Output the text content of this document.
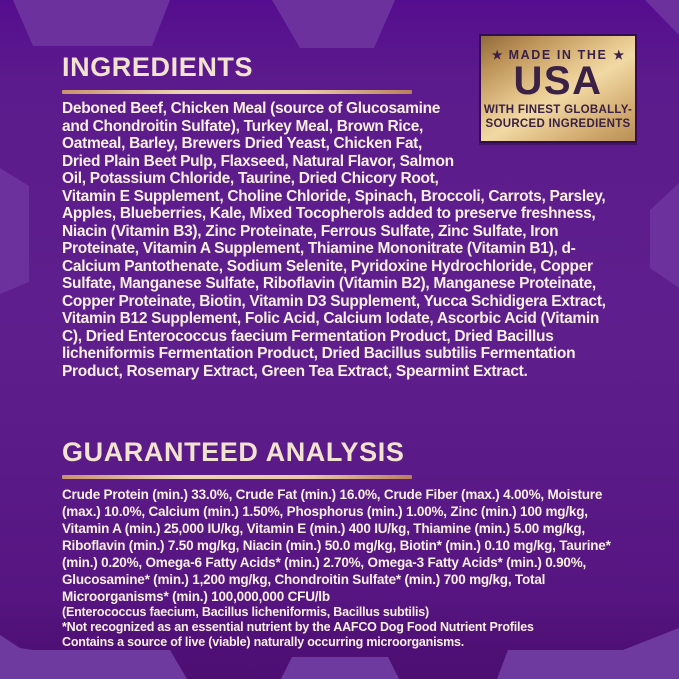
★ MADE IN THE ★
USA
WITH FINEST GLOBALLY-
SOURCED INGREDIENTS
INGREDIENTS

Deboned Beef, Chicken Meal (source of Glucosamine and Chondroitin Sulfate), Turkey Meal, Brown Rice, Oatmeal, Barley, Brewers Dried Yeast, Chicken Fat, Dried Plain Beet Pulp, Flaxseed, Natural Flavor, Salmon Oil, Potassium Chloride, Taurine, Dried Chicory Root, Vitamin E Supplement, Choline Chloride, Spinach, Broccoli, Carrots, Parsley, Apples, Blueberries, Kale, Mixed Tocopherols added to preserve freshness, Niacin (Vitamin B3), Zinc Proteinate, Ferrous Sulfate, Zinc Sulfate, Iron Proteinate, Vitamin A Supplement, Thiamine Mononitrate (Vitamin B1), d-Calcium Pantothenate, Sodium Selenite, Pyridoxine Hydrochloride, Copper Sulfate, Manganese Sulfate, Riboflavin (Vitamin B2), Manganese Proteinate, Copper Proteinate, Biotin, Vitamin D3 Supplement, Yucca Schidigera Extract, Vitamin B12 Supplement, Folic Acid, Calcium Iodate, Ascorbic Acid (Vitamin C), Dried Enterococcus faecium Fermentation Product, Dried Bacillus licheniformis Fermentation Product, Dried Bacillus subtilis Fermentation Product, Rosemary Extract, Green Tea Extract, Spearmint Extract.

GUARANTEED ANALYSIS

Crude Protein (min.) 33.0%, Crude Fat (min.) 16.0%, Crude Fiber (max.) 4.00%, Moisture (max.) 10.0%, Calcium (min.) 1.50%, Phosphorus (min.) 1.00%, Zinc (min.) 100 mg/kg, Vitamin A (min.) 25,000 IU/kg, Vitamin E (min.) 400 IU/kg, Thiamine (min.) 5.00 mg/kg, Riboflavin (min.) 7.50 mg/kg, Niacin (min.) 50.0 mg/kg, Biotin* (min.) 0.10 mg/kg, Taurine* (min.) 0.20%, Omega-6 Fatty Acids* (min.) 2.70%, Omega-3 Fatty Acids* (min.) 0.90%, Glucosamine* (min.) 1,200 mg/kg, Chondroitin Sulfate* (min.) 700 mg/kg, Total Microorganisms* (min.) 100,000,000 CFU/lb

(Enterococcus faecium, Bacillus licheniformis, Bacillus subtilis)
*Not recognized as an essential nutrient by the AAFCO Dog Food Nutrient Profiles
Contains a source of live (viable) naturally occurring microorganisms.
